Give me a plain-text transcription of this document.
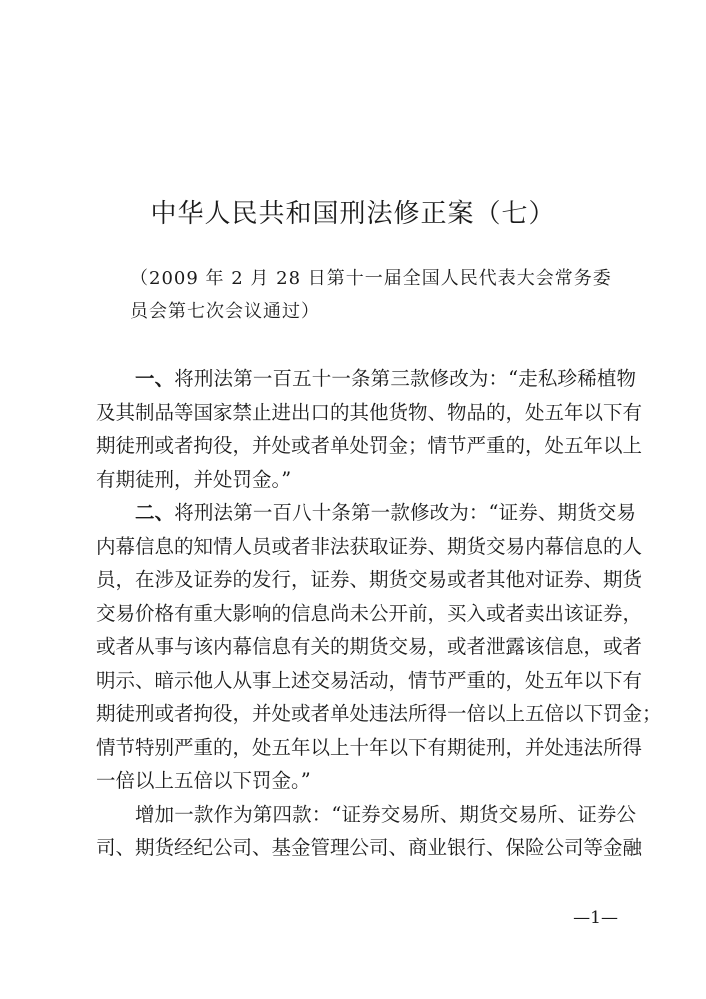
中华人民共和国刑法修正案（七）
（2009 年 2 月 28 日第十一届全国人民代表大会常务委
员会第七次会议通过）
一、将刑法第一百五十一条第三款修改为：“走私珍稀植物
及其制品等国家禁止进出口的其他货物、物品的，处五年以下有
期徒刑或者拘役，并处或者单处罚金；情节严重的，处五年以上
有期徒刑，并处罚金。”
二、将刑法第一百八十条第一款修改为：“证券、期货交易
内幕信息的知情人员或者非法获取证券、期货交易内幕信息的人
员，在涉及证券的发行，证券、期货交易或者其他对证券、期货
交易价格有重大影响的信息尚未公开前，买入或者卖出该证券，
或者从事与该内幕信息有关的期货交易，或者泄露该信息，或者
明示、暗示他人从事上述交易活动，情节严重的，处五年以下有
期徒刑或者拘役，并处或者单处违法所得一倍以上五倍以下罚金；
情节特别严重的，处五年以上十年以下有期徒刑，并处违法所得
一倍以上五倍以下罚金。”
增加一款作为第四款：“证券交易所、期货交易所、证券公
司、期货经纪公司、基金管理公司、商业银行、保险公司等金融
—1—
